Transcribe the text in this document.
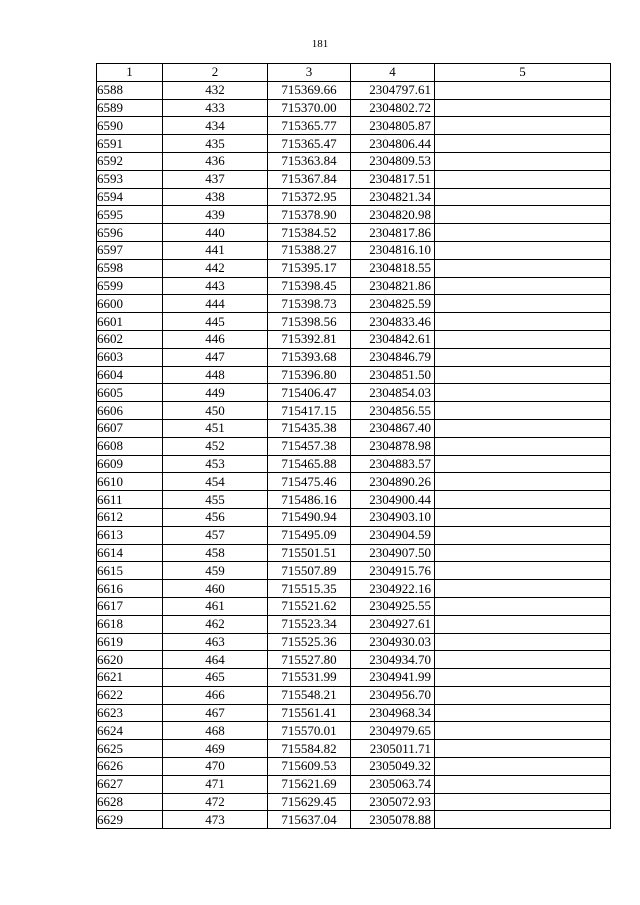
181
1	2	3	4	5
6588	432	715369.66	2304797.61	
6589	433	715370.00	2304802.72	
6590	434	715365.77	2304805.87	
6591	435	715365.47	2304806.44	
6592	436	715363.84	2304809.53	
6593	437	715367.84	2304817.51	
6594	438	715372.95	2304821.34	
6595	439	715378.90	2304820.98	
6596	440	715384.52	2304817.86	
6597	441	715388.27	2304816.10	
6598	442	715395.17	2304818.55	
6599	443	715398.45	2304821.86	
6600	444	715398.73	2304825.59	
6601	445	715398.56	2304833.46	
6602	446	715392.81	2304842.61	
6603	447	715393.68	2304846.79	
6604	448	715396.80	2304851.50	
6605	449	715406.47	2304854.03	
6606	450	715417.15	2304856.55	
6607	451	715435.38	2304867.40	
6608	452	715457.38	2304878.98	
6609	453	715465.88	2304883.57	
6610	454	715475.46	2304890.26	
6611	455	715486.16	2304900.44	
6612	456	715490.94	2304903.10	
6613	457	715495.09	2304904.59	
6614	458	715501.51	2304907.50	
6615	459	715507.89	2304915.76	
6616	460	715515.35	2304922.16	
6617	461	715521.62	2304925.55	
6618	462	715523.34	2304927.61	
6619	463	715525.36	2304930.03	
6620	464	715527.80	2304934.70	
6621	465	715531.99	2304941.99	
6622	466	715548.21	2304956.70	
6623	467	715561.41	2304968.34	
6624	468	715570.01	2304979.65	
6625	469	715584.82	2305011.71	
6626	470	715609.53	2305049.32	
6627	471	715621.69	2305063.74	
6628	472	715629.45	2305072.93	
6629	473	715637.04	2305078.88	
